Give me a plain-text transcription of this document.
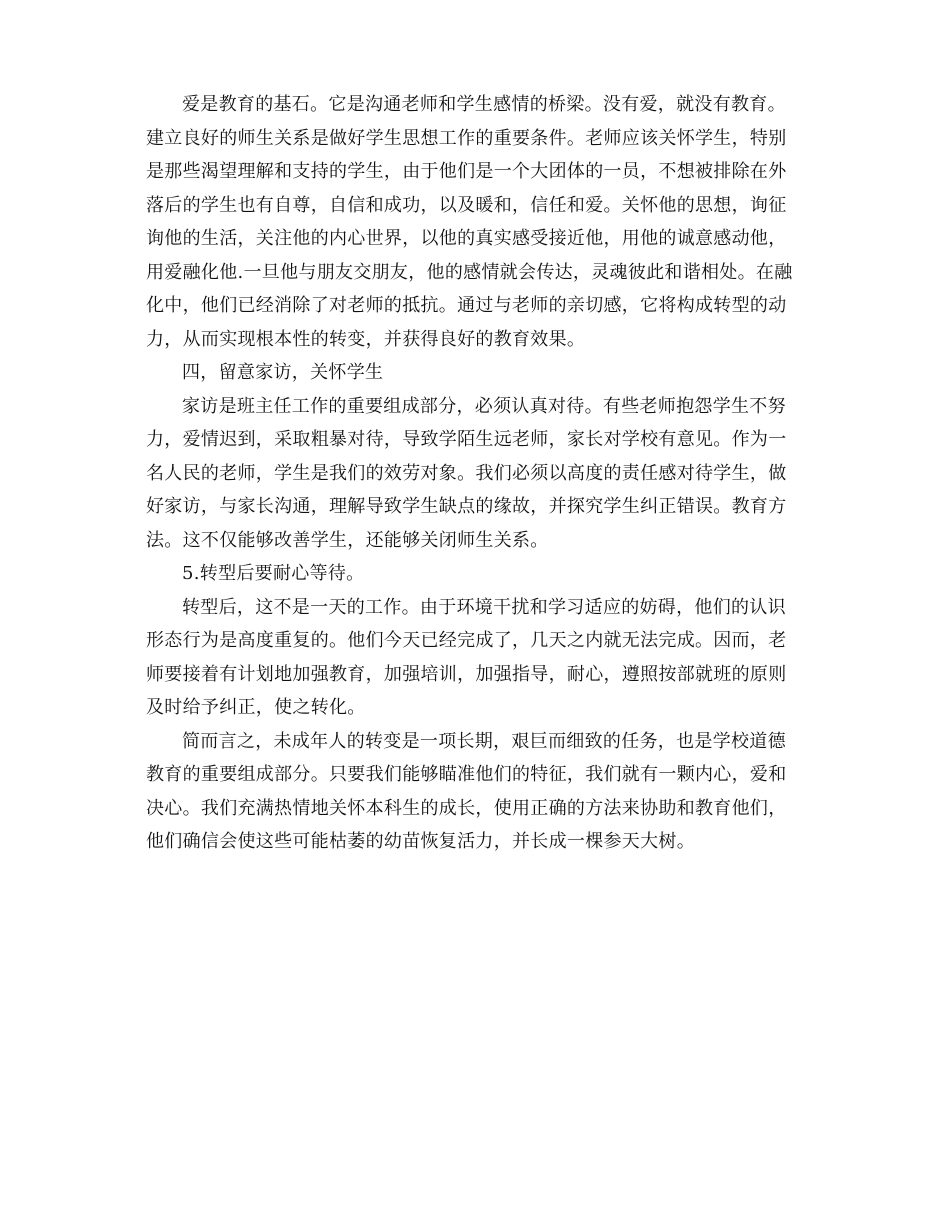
爱是教育的基石。它是沟通老师和学生感情的桥梁。没有爱，就没有教育。
建立良好的师生关系是做好学生思想工作的重要条件。老师应该关怀学生，特别
是那些渴望理解和支持的学生，由于他们是一个大团体的一员，不想被排除在外
落后的学生也有自尊，自信和成功，以及暖和，信任和爱。关怀他的思想，询征
询他的生活，关注他的内心世界，以他的真实感受接近他，用他的诚意感动他，
用爱融化他.一旦他与朋友交朋友，他的感情就会传达，灵魂彼此和谐相处。在融
化中，他们已经消除了对老师的抵抗。通过与老师的亲切感，它将构成转型的动
力，从而实现根本性的转变，并获得良好的教育效果。
四，留意家访，关怀学生
家访是班主任工作的重要组成部分，必须认真对待。有些老师抱怨学生不努
力，爱情迟到，采取粗暴对待，导致学陌生远老师，家长对学校有意见。作为一
名人民的老师，学生是我们的效劳对象。我们必须以高度的责任感对待学生，做
好家访，与家长沟通，理解导致学生缺点的缘故，并探究学生纠正错误。教育方
法。这不仅能够改善学生，还能够关闭师生关系。
5.转型后要耐心等待。
转型后，这不是一天的工作。由于环境干扰和学习适应的妨碍，他们的认识
形态行为是高度重复的。他们今天已经完成了，几天之内就无法完成。因而，老
师要接着有计划地加强教育，加强培训，加强指导，耐心，遵照按部就班的原则
及时给予纠正，使之转化。
简而言之，未成年人的转变是一项长期，艰巨而细致的任务，也是学校道德
教育的重要组成部分。只要我们能够瞄准他们的特征，我们就有一颗内心，爱和
决心。我们充满热情地关怀本科生的成长，使用正确的方法来协助和教育他们，
他们确信会使这些可能枯萎的幼苗恢复活力，并长成一棵参天大树。
